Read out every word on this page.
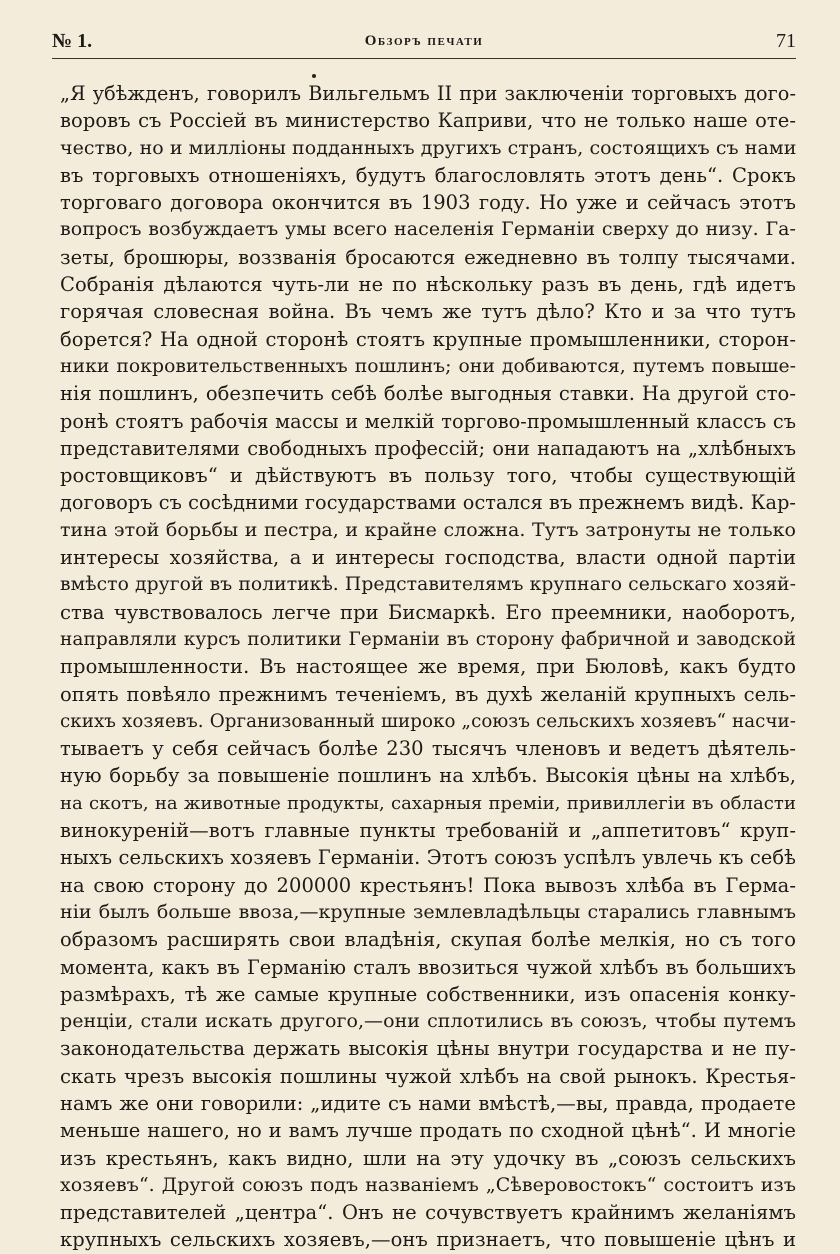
№ 1.	Обзоръ печати	71
„Я убѣжденъ, говорилъ Вильгельмъ II при заключеніи торговыхъ дого-
воровъ съ Россіей въ министерство Каприви, что не только наше оте-
чество, но и милліоны подданныхъ другихъ странъ, состоящихъ съ нами
въ торговыхъ отношеніяхъ, будутъ благословлять этотъ день“. Срокъ
торговаго договора окончится въ 1903 году. Но уже и сейчасъ этотъ
вопросъ возбуждаетъ умы всего населенія Германіи сверху до низу. Га-
зеты, брошюры, воззванія бросаются ежедневно въ толпу тысячами.
Собранія дѣлаются чуть-ли не по нѣскольку разъ въ день, гдѣ идетъ
горячая словесная война. Въ чемъ же тутъ дѣло? Кто и за что тутъ
борется? На одной сторонѣ стоятъ крупные промышленники, сторон-
ники покровительственныхъ пошлинъ; они добиваются, путемъ повыше-
нія пошлинъ, обезпечить себѣ болѣе выгодныя ставки. На другой сто-
ронѣ стоятъ рабочія массы и мелкій торгово-промышленный классъ съ
представителями свободныхъ профессій; они нападаютъ на „хлѣбныхъ
ростовщиковъ“ и дѣйствуютъ въ пользу того, чтобы существующій
договоръ съ сосѣдними государствами остался въ прежнемъ видѣ. Кар-
тина этой борьбы и пестра, и крайне сложна. Тутъ затронуты не только
интересы хозяйства, а и интересы господства, власти одной партіи
вмѣсто другой въ политикѣ. Представителямъ крупнаго сельскаго хозяй-
ства чувствовалось легче при Бисмаркѣ. Его преемники, наоборотъ,
направляли курсъ политики Германіи въ сторону фабричной и заводской
промышленности. Въ настоящее же время, при Бюловѣ, какъ будто
опять повѣяло прежнимъ теченіемъ, въ духѣ желаній крупныхъ сель-
скихъ хозяевъ. Организованный широко „союзъ сельскихъ хозяевъ“ насчи-
тываетъ у себя сейчасъ болѣе 230 тысячъ членовъ и ведетъ дѣятель-
ную борьбу за повышеніе пошлинъ на хлѣбъ. Высокія цѣны на хлѣбъ,
на скотъ, на животные продукты, сахарныя преміи, привиллегіи въ области
винокуреній—вотъ главные пункты требованій и „аппетитовъ“ круп-
ныхъ сельскихъ хозяевъ Германіи. Этотъ союзъ успѣлъ увлечь къ себѣ
на свою сторону до 200000 крестьянъ! Пока вывозъ хлѣба въ Герма-
ніи былъ больше ввоза,—крупные землевладѣльцы старались главнымъ
образомъ расширять свои владѣнія, скупая болѣе мелкія, но съ того
момента, какъ въ Германію сталъ ввозиться чужой хлѣбъ въ большихъ
размѣрахъ, тѣ же самые крупные собственники, изъ опасенія конку-
ренціи, стали искать другого,—они сплотились въ союзъ, чтобы путемъ
законодательства держать высокія цѣны внутри государства и не пу-
скать чрезъ высокія пошлины чужой хлѣбъ на свой рынокъ. Крестья-
намъ же они говорили: „идите съ нами вмѣстѣ,—вы, правда, продаете
меньше нашего, но и вамъ лучше продать по сходной цѣнѣ“. И многіе
изъ крестьянъ, какъ видно, шли на эту удочку въ „союзъ сельскихъ
хозяевъ“. Другой союзъ подъ названіемъ „Сѣверовостокъ“ состоитъ изъ
представителей „центра“. Онъ не сочувствуетъ крайнимъ желаніямъ
крупныхъ сельскихъ хозяевъ,—онъ признаетъ, что повышеніе цѣнъ и
